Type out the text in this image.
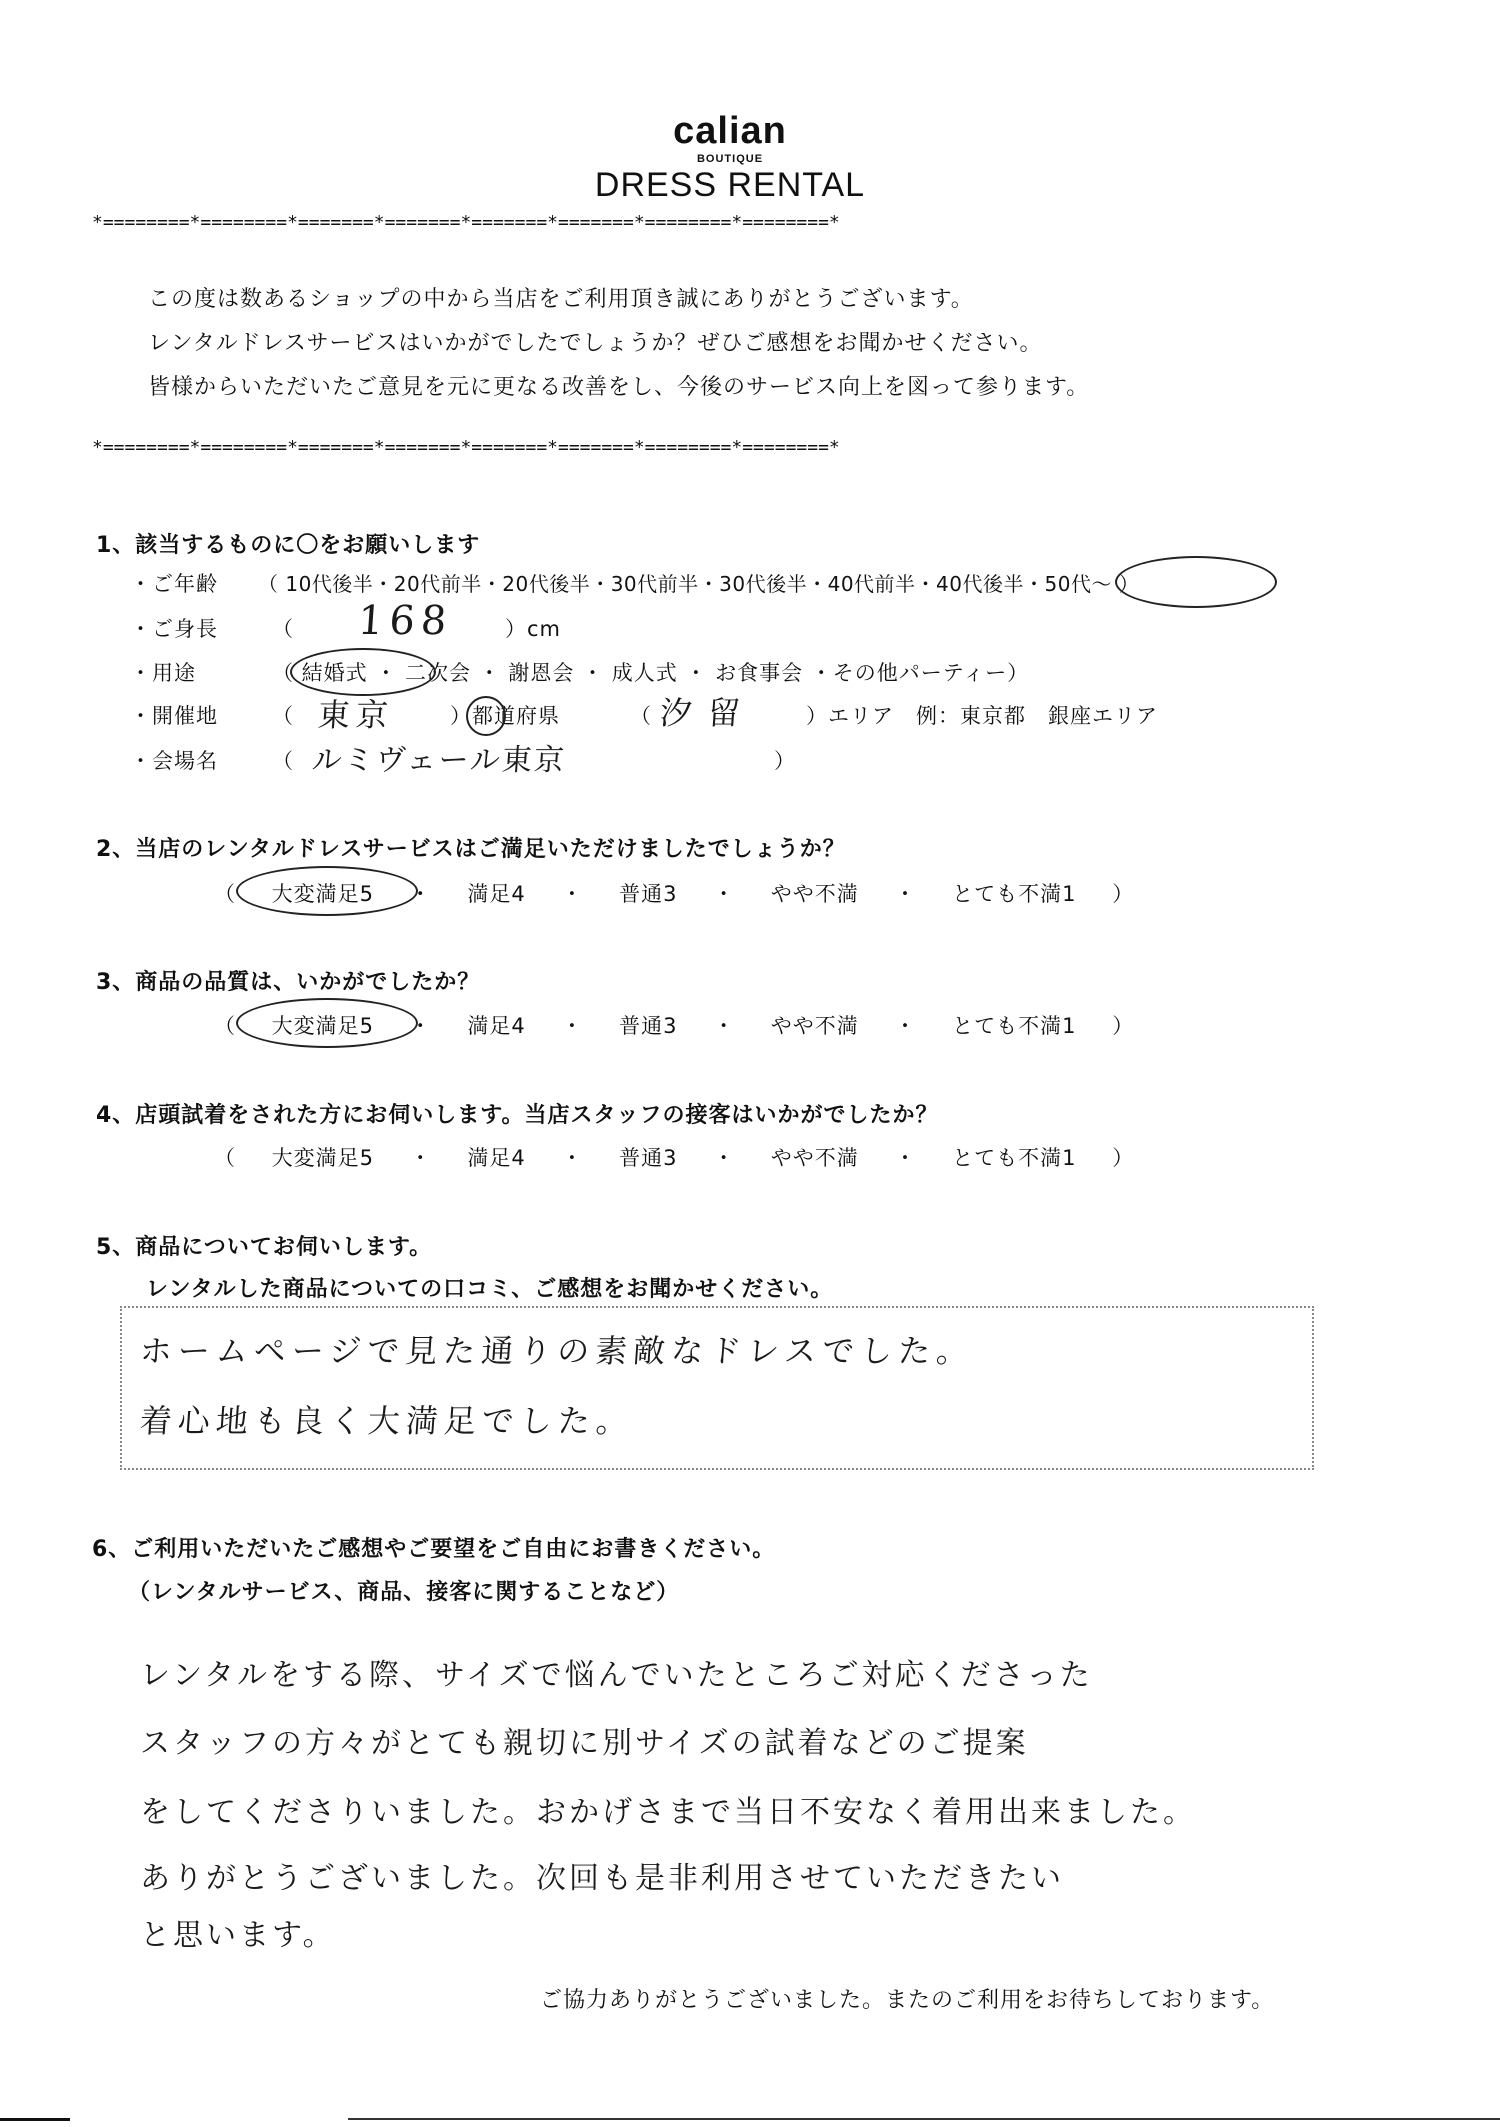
calian
BOUTIQUE
DRESS RENTAL
*========*========*=======*=======*=======*=======*========*========*
この度は数あるショップの中から当店をご利用頂き誠にありがとうございます。
レンタルドレスサービスはいかがでしたでしょうか？ぜひご感想をお聞かせください。
皆様からいただいたご意見を元に更なる改善をし、今後のサービス向上を図って参ります。
*========*========*=======*=======*=======*=======*========*========*
1、該当するものに〇をお願いします
・ご年齢 （ 10代後半・20代前半・20代後半・30代前半・30代後半・40代前半・40代後半・50代～ ）
・ご身長	（ 168 ）cm
・用途	（ 結婚式 ・ 二次会 ・ 謝恩会 ・ 成人式 ・ お食事会 ・その他パーティー）
・開催地	（ 東京	）都道府県	（ 汐留 ）エリア　例：東京都　銀座エリア
・会場名	（ ルミヴェール東京	）
2、当店のレンタルドレスサービスはご満足いただけましたでしょうか？
（ 大変満足5 ・ 満足4 ・ 普通3 ・ やや不満 ・ とても不満1 ）
3、商品の品質は、いかがでしたか？
（ 大変満足5 ・ 満足4 ・ 普通3 ・ やや不満 ・ とても不満1 ）
4、店頭試着をされた方にお伺いします。当店スタッフの接客はいかがでしたか？
（ 大変満足5 ・ 満足4 ・ 普通3 ・ やや不満 ・ とても不満1 ）
5、商品についてお伺いします。
レンタルした商品についての口コミ、ご感想をお聞かせください。
ホームページで見た通りの素敵なドレスでした。
着心地も良く大満足でした。
6、ご利用いただいたご感想やご要望をご自由にお書きください。
（レンタルサービス、商品、接客に関することなど）
レンタルをする際、サイズで悩んでいたところご対応くださった
スタッフの方々がとても親切に別サイズの試着などのご提案
をしてくださりいました。おかげさまで当日不安なく着用出来ました。
ありがとうございました。次回も是非利用させていただきたい
と思います。
ご協力ありがとうございました。またのご利用をお待ちしております。
